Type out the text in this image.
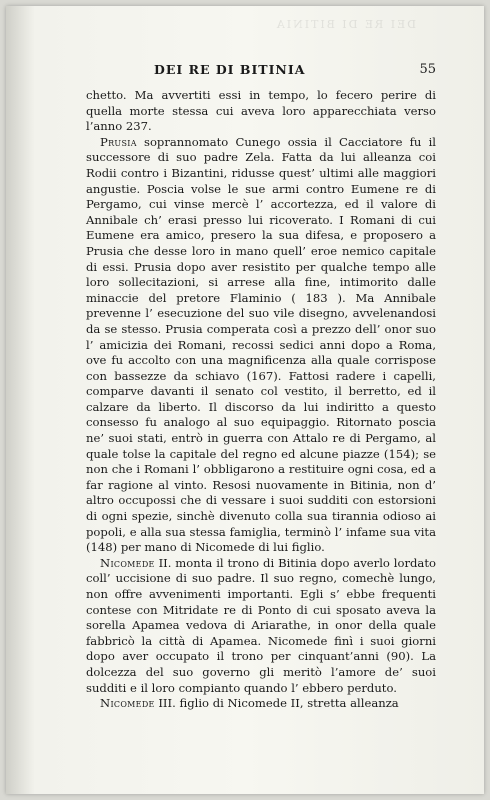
DEI RE DI BITINIA
DEI RE DI BITINIA	55

chetto. Ma avvertiti essi in tempo, lo fecero perire di quella morte stessa cui aveva loro apparecchiata verso l’anno 237.

Prusia soprannomato Cunego ossia il Cacciatore fu il successore di suo padre Zela. Fatta da lui alleanza coi Rodii contro i Bizantini, ridusse quest’ ultimi alle maggiori angustie. Poscia volse le sue armi contro Eumene re di Pergamo, cui vinse mercè l’ accortezza, ed il valore di Annibale ch’ erasi presso lui ricoverato. I Romani di cui Eumene era amico, presero la sua difesa, e proposero a Prusia che desse loro in mano quell’ eroe nemico capitale di essi. Prusia dopo aver resistito per qualche tempo alle loro sollecitazioni, si arrese alla fine, intimorito dalle minaccie del pretore Flaminio ( 183 ). Ma Annibale prevenne l’ esecuzione del suo vile disegno, avvelenandosi da se stesso. Prusia comperata così a prezzo dell’ onor suo l’ amicizia dei Romani, recossi sedici anni dopo a Roma, ove fu accolto con una magnificenza alla quale corrispose con bassezze da schiavo (167). Fattosi radere i capelli, comparve davanti il senato col vestito, il berretto, ed il calzare da liberto. Il discorso da lui indiritto a questo consesso fu analogo al suo equipaggio. Ritornato poscia ne’ suoi stati, entrò in guerra con Attalo re di Pergamo, al quale tolse la capitale del regno ed alcune piazze (154); se non che i Romani l’ obbligarono a restituire ogni cosa, ed a far ragione al vinto. Resosi nuovamente in Bitinia, non d’ altro occupossi che di vessare i suoi sudditi con estorsioni di ogni spezie, sinchè divenuto colla sua tirannia odioso ai popoli, e alla sua stessa famiglia, terminò l’ infame sua vita (148) per mano di Nicomede di lui figlio.

Nicomede II. monta il trono di Bitinia dopo averlo lordato coll’ uccisione di suo padre. Il suo regno, comechè lungo, non offre avvenimenti importanti. Egli s’ ebbe frequenti contese con Mitridate re di Ponto di cui sposato aveva la sorella Apamea vedova di Ariarathe, in onor della quale fabbricò la città di Apamea. Nicomede finì i suoi giorni dopo aver occupato il trono per cinquant’anni (90). La dolcezza del suo governo gli meritò l’amore de’ suoi sudditi e il loro compianto quando l’ ebbero perduto.

Nicomede III. figlio di Nicomede II, stretta alleanza
